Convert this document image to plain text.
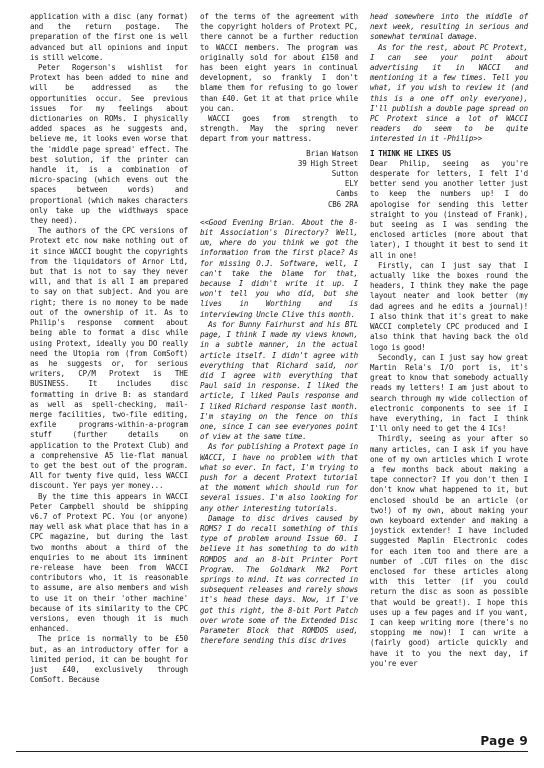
application with a disc (any format) and the return postage. The preparation of the first one is well advanced but all opinions and input is still welcome.

Peter Rogerson's wishlist for Protext has been added to mine and will be addressed as the opportunities occur. See previous issues for my feelings about dictionaries on ROMs. I physically added spaces as he suggests and, believe me, it looks even worse that the 'middle page spread' effect. The best solution, if the printer can handle it, is a combination of micro-spacing (which evens out the spaces between words) and proportional (which makes characters only take up the widthways space they need).

The authors of the CPC versions of Protext etc now make nothing out of it since WACCI bought the copyrights from the liquidators of Arnor Ltd, but that is not to say they never will, and that is all I am prepared to say on that subject. And you are right; there is no money to be made out of the ownership of it. As to Philip's response comment about being able to format a disc while using Protext, ideally you DO really need the Utopia rom (from ComSoft) as he suggests or, for serious writers, CP/M Protext is THE BUSINESS. It includes disc formatting in drive B: as standard as well as spell-checking, mail-merge facilities, two-file editing, exfile programs-within-a-program stuff (further details on application to the Protext Club) and a comprehensive A5 lie-flat manual to get the best out of the program. All for twenty five quid, less WACCI discount. Yer pays yer money...

By the time this appears in WACCI Peter Campbell should be shipping v6.7 of Protext PC. You (or anyone) may well ask what place that has in a CPC magazine, but during the last two months about a third of the enquiries to me about its imminent re-release have been from WACCI contributors who, it is reasonable to assume, are also members and wish to use it on their 'other machine' because of its similarity to the CPC versions, even though it is much enhanced.

The price is normally to be £50 but, as an introductory offer for a limited period, it can be bought for just £40, exclusively through ComSoft. Because

of the terms of the agreement with the copyright holders of Protext PC, there cannot be a further reduction to WACCI members. The program was originally sold for about £150 and has been eight years in continual development, so frankly I don't blame them for refusing to go lower than £40. Get it at that price while you can.

WACCI goes from strength to strength. May the spring never depart from your mattress.

Brian Watson

39 High Street

Sutton

ELY

Cambs

CB6 2RA

<<Good Evening Brian. About the 8-bit Association's Directory? Well, um, where do you think we got the information from the first place? As for missing O.J. Software, well, I can't take the blame for that, because I didn't write it up. I won't tell you who did, but she lives in Worthing and is interviewing Uncle Clive this month.

As for Bunny Fairhurst and his BTL page, I think I made my views known, in a subtle manner, in the actual article itself. I didn't agree with everything that Richard said, nor did I agree with everything that Paul said in response. I liked the article, I liked Pauls response and I liked Richard response last month. I'm staying on the fence on this one, since I can see everyones point of view at the same time.

As for publishing a Protext page in WACCI, I have no problem with that what so ever. In fact, I'm trying to push for a decent Protext tutorial at the moment which should run for several issues. I'm also looking for any other interesting tutorials.

Damage to disc drives caused by ROMS? I do recall something of this type of problem around Issue 60. I believe it has something to do with ROMDOS and an 8-bit Printer Port Program. The Goldmark Mk2 Port springs to mind. It was corrected in subsequent releases and rarely shows it's head these days. Now, if I've got this right, the 8-bit Port Patch over wrote some of the Extended Disc Parameter Block that ROMDOS used, therefore sending this disc drives

head somewhere into the middle of next week, resulting in serious and somewhat terminal damage.

As for the rest, about PC Protext, I can see your point about advertising it in WACCI and mentioning it a few times. Tell you what, if you wish to review it (and this is a one off only everyone), I'll publish a double page spread on PC Protext since a lot of WACCI readers do seem to be quite interested in it -Philip>>

I THINK HE LIKES US

Dear Philip, seeing as you're desperate for letters, I felt I'd better send you another letter just to keep the numbers up! I do apologise for sending this letter straight to you (instead of Frank), but seeing as I was sending the enclosed articles (more about that later), I thought it best to send it all in one!

Firstly, can I just say that I actually like the boxes round the headers, I think they make the page layout neater and look better (my dad agrees and he edits a journal)! I also think that it's great to make WACCI completely CPC produced and I also think that having back the old logo is good!

Secondly, can I just say how great Martin Rela's I/O port is, it's great to know that somebody actually reads my letters! I am just about to search through my wide collection of electronic components to see if I have everything, in fact I think I'll only need to get the 4 ICs!

Thirdly, seeing as your after so many articles, can I ask if you have one of my own articles which I wrote a few months back about making a tape connector? If you don't then I don't know what happened to it, but enclosed should be an article (or two!) of my own, about making your own keyboard extender and making a joystick extender! I have included suggested Maplin Electronic codes for each item too and there are a number of .CUT files on the disc enclosed for these articles along with this letter (if you could return the disc as soon as possible that would be great!). I hope this uses up a few pages and if you want, I can keep writing more (there's no stopping me now)! I can write a (fairly good) article quickly and have it to you the next day, if you're ever

Page 9
